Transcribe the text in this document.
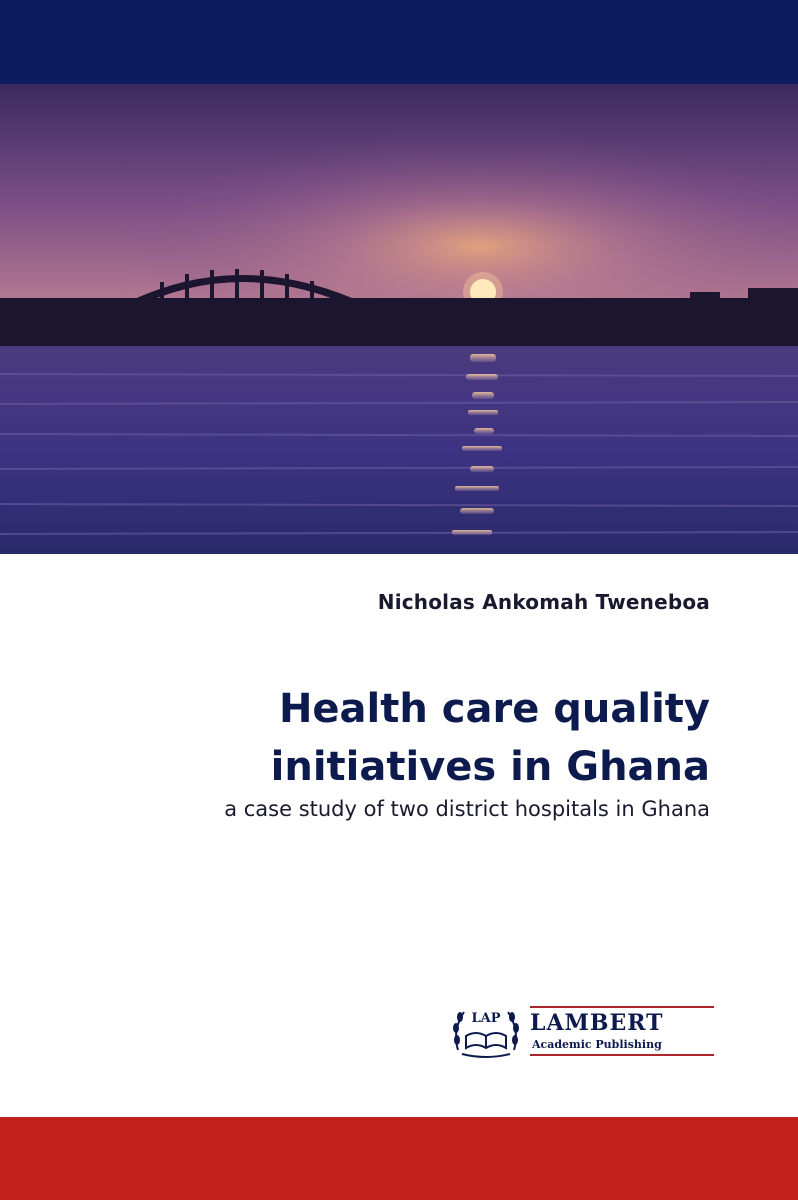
Nicholas Ankomah Tweneboa
Health care quality initiatives in Ghana
a case study of two district hospitals in Ghana
LAP LAMBERT
Academic Publishing
